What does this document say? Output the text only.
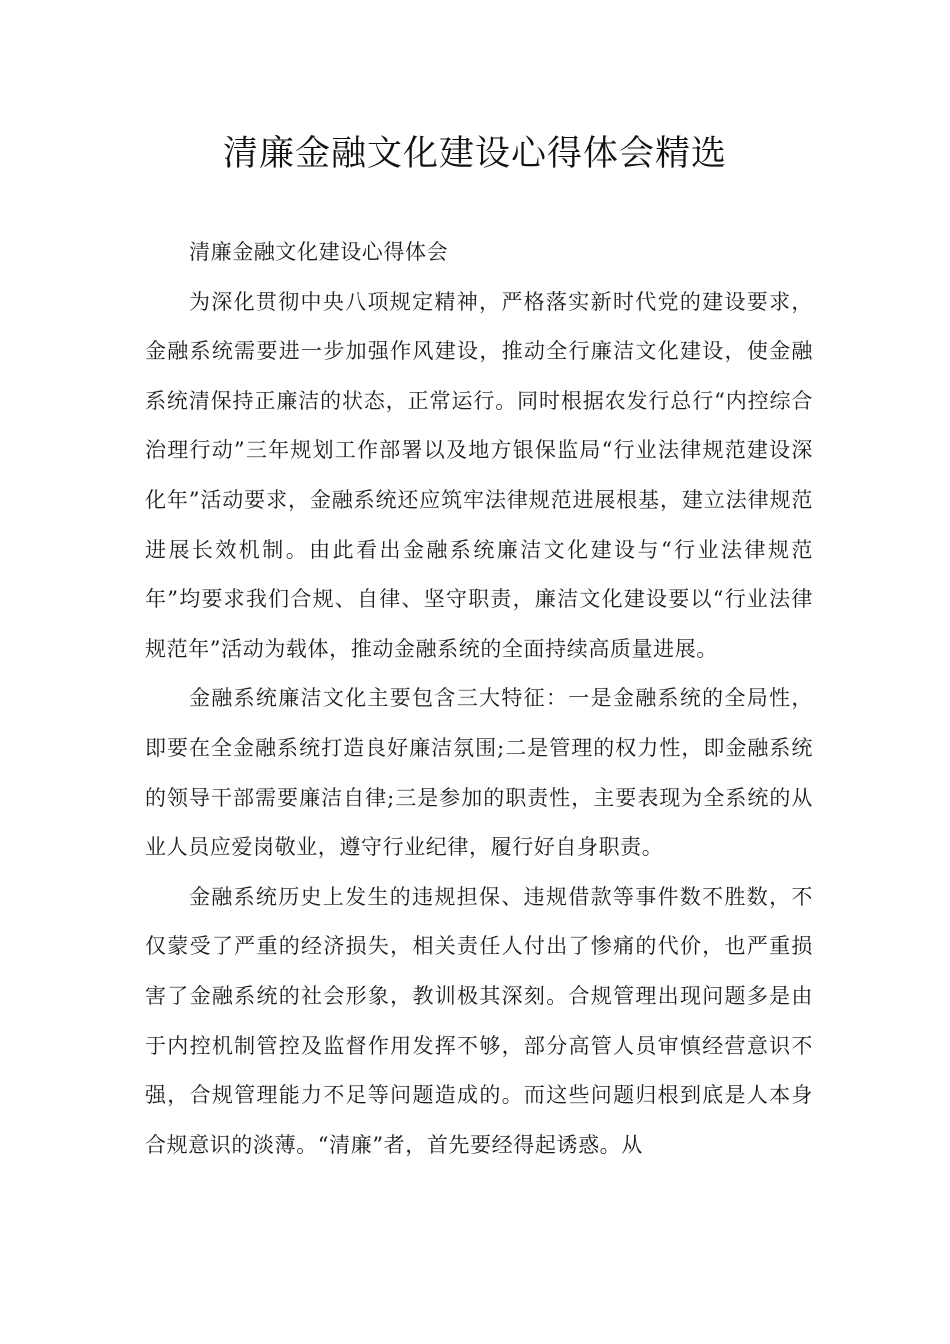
清廉金融文化建设心得体会精选

清廉金融文化建设心得体会

为深化贯彻中央八项规定精神，严格落实新时代党的建设要求，金融系统需要进一步加强作风建设，推动全行廉洁文化建设，使金融系统清保持正廉洁的状态，正常运行。同时根据农发行总行“内控综合治理行动”三年规划工作部署以及地方银保监局“行业法律规范建设深化年”活动要求，金融系统还应筑牢法律规范进展根基，建立法律规范进展长效机制。由此看出金融系统廉洁文化建设与“行业法律规范年”均要求我们合规、自律、坚守职责，廉洁文化建设要以“行业法律规范年”活动为载体，推动金融系统的全面持续高质量进展。

金融系统廉洁文化主要包含三大特征：一是金融系统的全局性，即要在全金融系统打造良好廉洁氛围;二是管理的权力性，即金融系统的领导干部需要廉洁自律;三是参加的职责性，主要表现为全系统的从业人员应爱岗敬业，遵守行业纪律，履行好自身职责。

金融系统历史上发生的违规担保、违规借款等事件数不胜数，不仅蒙受了严重的经济损失，相关责任人付出了惨痛的代价，也严重损害了金融系统的社会形象，教训极其深刻。合规管理出现问题多是由于内控机制管控及监督作用发挥不够，部分高管人员审慎经营意识不强，合规管理能力不足等问题造成的。而这些问题归根到底是人本身合规意识的淡薄。“清廉”者，首先要经得起诱惑。从
